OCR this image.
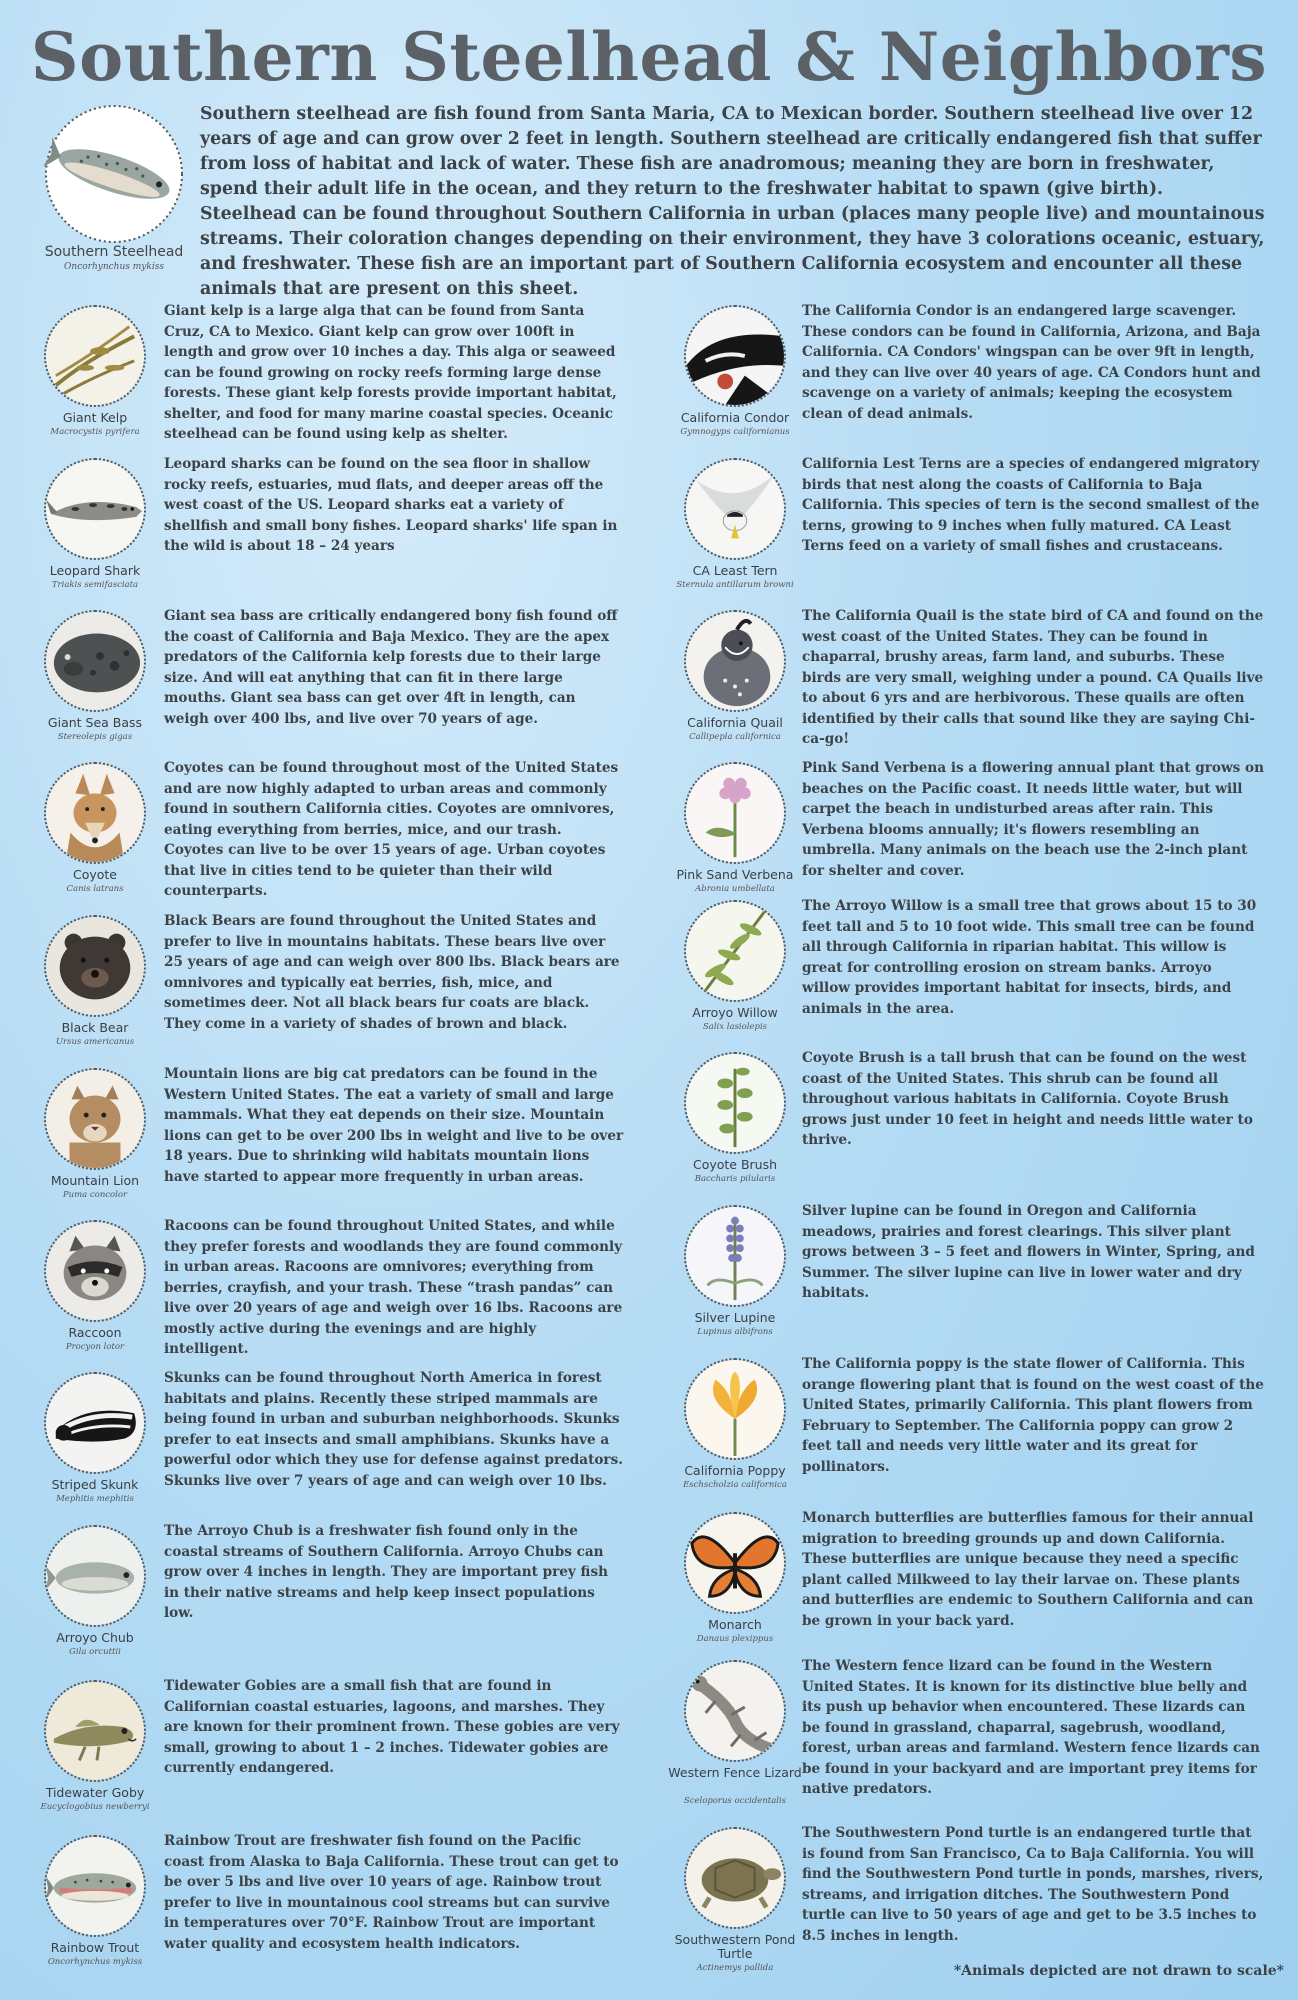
Southern Steelhead & Neighbors
Southern Steelhead
Oncorhynchus mykiss

Southern steelhead are fish found from Santa Maria, CA to Mexican border. Southern steelhead live over 12 years of age and can grow over 2 feet in length. Southern steelhead are critically endangered fish that suffer from loss of habitat and lack of water. These fish are anadromous; meaning they are born in freshwater, spend their adult life in the ocean, and they return to the freshwater habitat to spawn (give birth). Steelhead can be found throughout Southern California in urban (places many people live) and mountainous streams. Their coloration changes depending on their environment, they have 3 colorations oceanic, estuary, and freshwater. These fish are an important part of Southern California ecosystem and encounter all these animals that are present on this sheet.

Giant Kelp
Macrocystis pyrifera

Giant kelp is a large alga that can be found from Santa Cruz, CA to Mexico. Giant kelp can grow over 100ft in length and grow over 10 inches a day. This alga or seaweed can be found growing on rocky reefs forming large dense forests. These giant kelp forests provide important habitat, shelter, and food for many marine coastal species. Oceanic steelhead can be found using kelp as shelter.

Leopard Shark
Triakis semifasciata

Leopard sharks can be found on the sea floor in shallow rocky reefs, estuaries, mud flats, and deeper areas off the west coast of the US. Leopard sharks eat a variety of shellfish and small bony fishes. Leopard sharks' life span in the wild is about 18 – 24 years

Giant Sea Bass
Stereolepis gigas

Giant sea bass are critically endangered bony fish found off the coast of California and Baja Mexico. They are the apex predators of the California kelp forests due to their large size. And will eat anything that can fit in there large mouths. Giant sea bass can get over 4ft in length, can weigh over 400 lbs, and live over 70 years of age.

Coyote
Canis latrans

Coyotes can be found throughout most of the United States and are now highly adapted to urban areas and commonly found in southern California cities. Coyotes are omnivores, eating everything from berries, mice, and our trash. Coyotes can live to be over 15 years of age. Urban coyotes that live in cities tend to be quieter than their wild counterparts.

Black Bear
Ursus americanus

Black Bears are found throughout the United States and prefer to live in mountains habitats. These bears live over 25 years of age and can weigh over 800 lbs. Black bears are omnivores and typically eat berries, fish, mice, and sometimes deer. Not all black bears fur coats are black. They come in a variety of shades of brown and black.

Mountain Lion
Puma concolor

Mountain lions are big cat predators can be found in the Western United States. The eat a variety of small and large mammals. What they eat depends on their size. Mountain lions can get to be over 200 lbs in weight and live to be over 18 years. Due to shrinking wild habitats mountain lions have started to appear more frequently in urban areas.

Raccoon
Procyon lotor

Racoons can be found throughout United States, and while they prefer forests and woodlands they are found commonly in urban areas. Racoons are omnivores; everything from berries, crayfish, and your trash. These “trash pandas” can live over 20 years of age and weigh over 16 lbs. Racoons are mostly active during the evenings and are highly intelligent.

Striped Skunk
Mephitis mephitis

Skunks can be found throughout North America in forest habitats and plains. Recently these striped mammals are being found in urban and suburban neighborhoods. Skunks prefer to eat insects and small amphibians. Skunks have a powerful odor which they use for defense against predators. Skunks live over 7 years of age and can weigh over 10 lbs.

Arroyo Chub
Gila orcuttii

The Arroyo Chub is a freshwater fish found only in the coastal streams of Southern California. Arroyo Chubs can grow over 4 inches in length. They are important prey fish in their native streams and help keep insect populations low.

Tidewater Goby
Eucyclogobius newberryi

Tidewater Gobies are a small fish that are found in Californian coastal estuaries, lagoons, and marshes. They are known for their prominent frown. These gobies are very small, growing to about 1 – 2 inches. Tidewater gobies are currently endangered.

Rainbow Trout
Oncorhynchus mykiss

Rainbow Trout are freshwater fish found on the Pacific coast from Alaska to Baja California. These trout can get to be over 5 lbs and live over 10 years of age. Rainbow trout prefer to live in mountainous cool streams but can survive in temperatures over 70°F. Rainbow Trout are important water quality and ecosystem health indicators.

California Condor
Gymnogyps californianus

The California Condor is an endangered large scavenger. These condors can be found in California, Arizona, and Baja California. CA Condors' wingspan can be over 9ft in length, and they can live over 40 years of age. CA Condors hunt and scavenge on a variety of animals; keeping the ecosystem clean of dead animals.

CA Least Tern
Sternula antillarum browni

California Lest Terns are a species of endangered migratory birds that nest along the coasts of California to Baja California. This species of tern is the second smallest of the terns, growing to 9 inches when fully matured. CA Least Terns feed on a variety of small fishes and crustaceans.

California Quail
Callipepla californica

The California Quail is the state bird of CA and found on the west coast of the United States. They can be found in chaparral, brushy areas, farm land, and suburbs. These birds are very small, weighing under a pound. CA Quails live to about 6 yrs and are herbivorous. These quails are often identified by their calls that sound like they are saying Chi-ca-go!

Pink Sand Verbena
Abronia umbellata

Pink Sand Verbena is a flowering annual plant that grows on beaches on the Pacific coast. It needs little water, but will carpet the beach in undisturbed areas after rain. This Verbena blooms annually; it's flowers resembling an umbrella. Many animals on the beach use the 2-inch plant for shelter and cover.

Arroyo Willow
Salix lasiolepis

The Arroyo Willow is a small tree that grows about 15 to 30 feet tall and 5 to 10 foot wide. This small tree can be found all through California in riparian habitat. This willow is great for controlling erosion on stream banks. Arroyo willow provides important habitat for insects, birds, and animals in the area.

Coyote Brush
Baccharis pilularis

Coyote Brush is a tall brush that can be found on the west coast of the United States. This shrub can be found all throughout various habitats in California. Coyote Brush grows just under 10 feet in height and needs little water to thrive.

Silver Lupine
Lupinus albifrons

Silver lupine can be found in Oregon and California meadows, prairies and forest clearings. This silver plant grows between 3 – 5 feet and flowers in Winter, Spring, and Summer. The silver lupine can live in lower water and dry habitats.

California Poppy
Eschscholzia californica

The California poppy is the state flower of California. This orange flowering plant that is found on the west coast of the United States, primarily California. This plant flowers from February to September. The California poppy can grow 2 feet tall and needs very little water and its great for pollinators.

Monarch
Danaus plexippus

Monarch butterflies are butterflies famous for their annual migration to breeding grounds up and down California. These butterflies are unique because they need a specific plant called Milkweed to lay their larvae on. These plants and butterflies are endemic to Southern California and can be grown in your back yard.

Western Fence Lizard
Sceloporus occidentalis

The Western fence lizard can be found in the Western United States. It is known for its distinctive blue belly and its push up behavior when encountered. These lizards can be found in grassland, chaparral, sagebrush, woodland, forest, urban areas and farmland. Western fence lizards can be found in your backyard and are important prey items for native predators.

Southwestern Pond Turtle
Actinemys pallida

The Southwestern Pond turtle is an endangered turtle that is found from San Francisco, Ca to Baja California. You will find the Southwestern Pond turtle in ponds, marshes, rivers, streams, and irrigation ditches. The Southwestern Pond turtle can live to 50 years of age and get to be 3.5 inches to 8.5 inches in length.

*Animals depicted are not drawn to scale*
